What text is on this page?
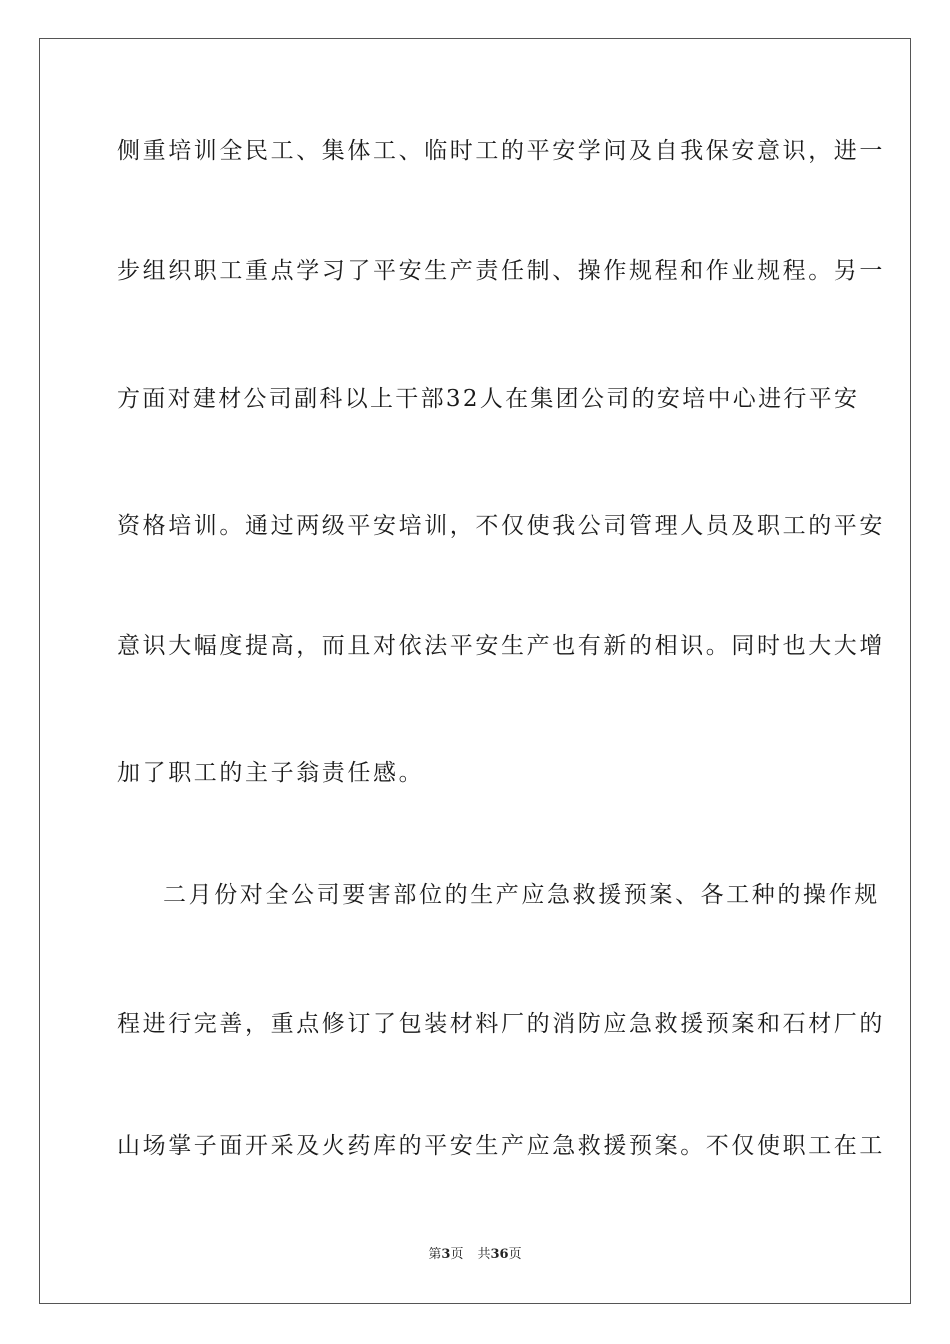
侧重培训全民工、集体工、临时工的平安学问及自我保安意识，进一
步组织职工重点学习了平安生产责任制、操作规程和作业规程。另一
方面对建材公司副科以上干部32人在集团公司的安培中心进行平安
资格培训。通过两级平安培训，不仅使我公司管理人员及职工的平安
意识大幅度提高，而且对依法平安生产也有新的相识。同时也大大增
加了职工的主子翁责任感。
二月份对全公司要害部位的生产应急救援预案、各工种的操作规
程进行完善，重点修订了包装材料厂的消防应急救援预案和石材厂的
山场掌子面开采及火药库的平安生产应急救援预案。不仅使职工在工
第3页 共36页
